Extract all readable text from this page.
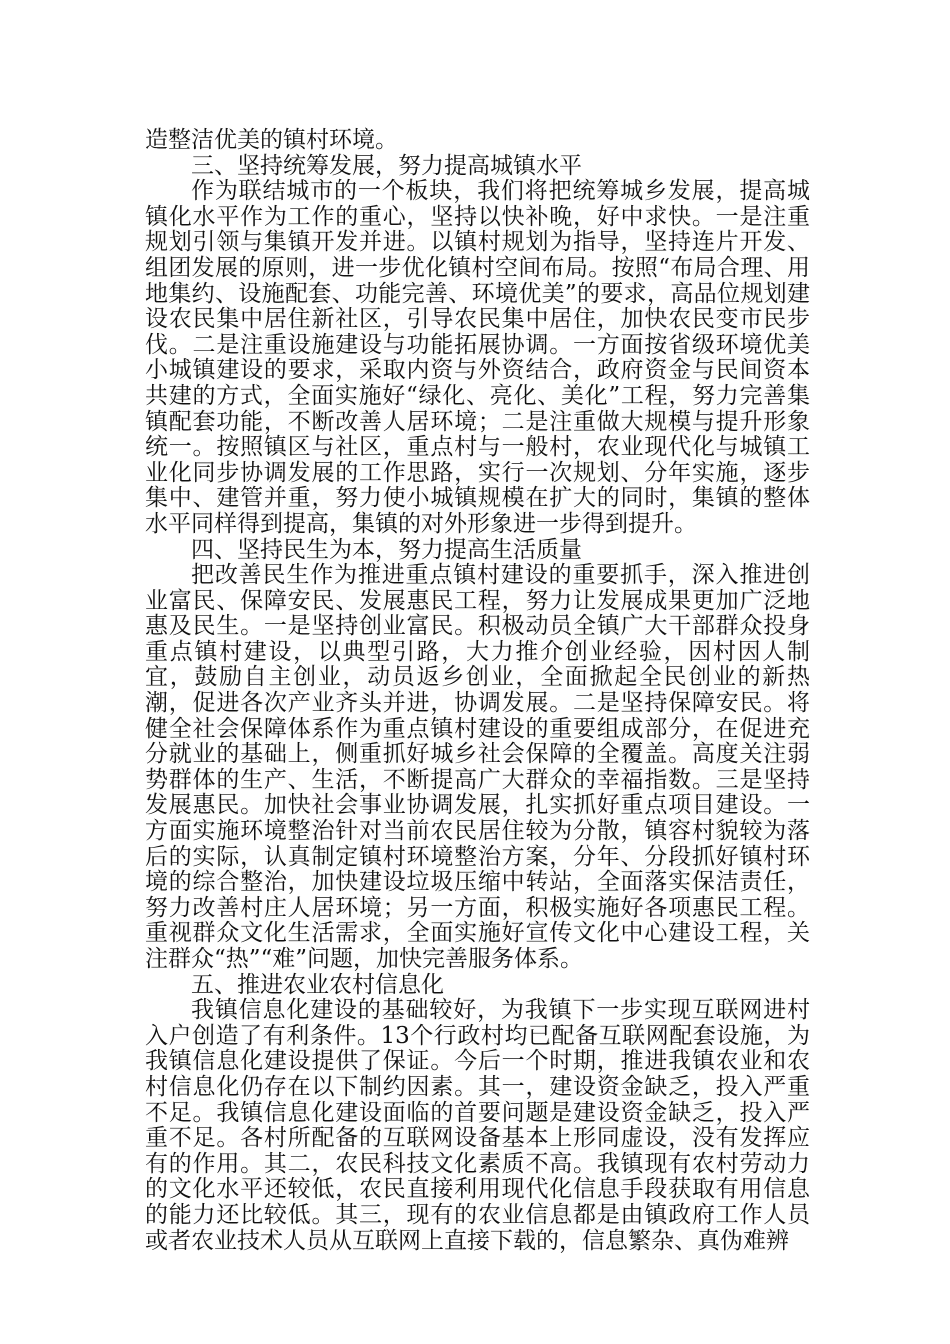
造整洁优美的镇村环境。

三、坚持统筹发展，努力提高城镇水平

作为联结城市的一个板块，我们将把统筹城乡发展，提高城镇化水平作为工作的重心，坚持以快补晚，好中求快。一是注重规划引领与集镇开发并进。以镇村规划为指导，坚持连片开发、组团发展的原则，进一步优化镇村空间布局。按照“布局合理、用地集约、设施配套、功能完善、环境优美”的要求，高品位规划建设农民集中居住新社区，引导农民集中居住，加快农民变市民步伐。二是注重设施建设与功能拓展协调。一方面按省级环境优美小城镇建设的要求，采取内资与外资结合，政府资金与民间资本共建的方式，全面实施好“绿化、亮化、美化”工程，努力完善集镇配套功能，不断改善人居环境；二是注重做大规模与提升形象统一。按照镇区与社区，重点村与一般村，农业现代化与城镇工业化同步协调发展的工作思路，实行一次规划、分年实施，逐步集中、建管并重，努力使小城镇规模在扩大的同时，集镇的整体水平同样得到提高，集镇的对外形象进一步得到提升。

四、坚持民生为本，努力提高生活质量

把改善民生作为推进重点镇村建设的重要抓手，深入推进创业富民、保障安民、发展惠民工程，努力让发展成果更加广泛地惠及民生。一是坚持创业富民。积极动员全镇广大干部群众投身重点镇村建设，以典型引路，大力推介创业经验，因村因人制宜，鼓励自主创业，动员返乡创业，全面掀起全民创业的新热潮，促进各次产业齐头并进，协调发展。二是坚持保障安民。将健全社会保障体系作为重点镇村建设的重要组成部分，在促进充分就业的基础上，侧重抓好城乡社会保障的全覆盖。高度关注弱势群体的生产、生活，不断提高广大群众的幸福指数。三是坚持发展惠民。加快社会事业协调发展，扎实抓好重点项目建设。一方面实施环境整治针对当前农民居住较为分散，镇容村貌较为落后的实际，认真制定镇村环境整治方案，分年、分段抓好镇村环境的综合整治，加快建设垃圾压缩中转站，全面落实保洁责任，努力改善村庄人居环境；另一方面，积极实施好各项惠民工程。重视群众文化生活需求，全面实施好宣传文化中心建设工程，关注群众“热”“难”问题，加快完善服务体系。

五、推进农业农村信息化

我镇信息化建设的基础较好，为我镇下一步实现互联网进村入户创造了有利条件。13个行政村均已配备互联网配套设施，为我镇信息化建设提供了保证。今后一个时期，推进我镇农业和农村信息化仍存在以下制约因素。其一，建设资金缺乏，投入严重不足。我镇信息化建设面临的首要问题是建设资金缺乏，投入严重不足。各村所配备的互联网设备基本上形同虚设，没有发挥应有的作用。其二，农民科技文化素质不高。我镇现有农村劳动力的文化水平还较低，农民直接利用现代化信息手段获取有用信息的能力还比较低。其三，现有的农业信息都是由镇政府工作人员或者农业技术人员从互联网上直接下载的，信息繁杂、真伪难辨
